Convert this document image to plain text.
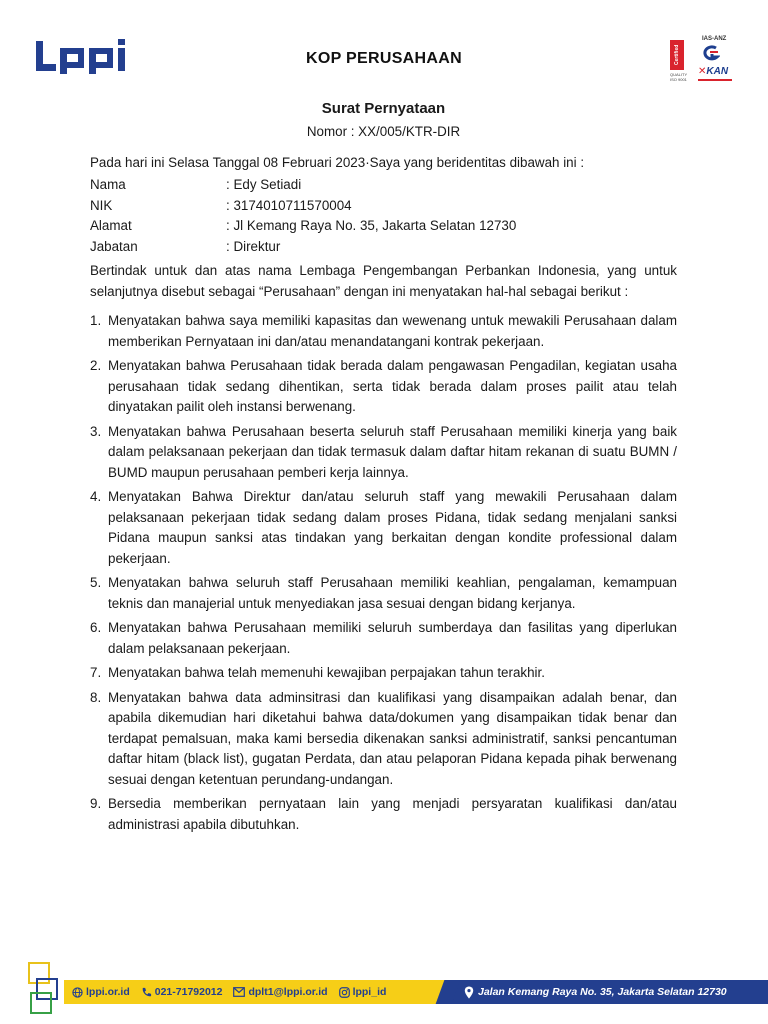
KOP PERUSAHAAN	Certified Quality
QUALITY ISO 9001
IAS-ANZ
✕KAN
Surat Pernyataan
Nomor : XX/005/KTR-DIR
Pada hari ini Selasa Tanggal 08 Februari 2023·Saya yang beridentitas dibawah ini :
Nama	: Edy Setiadi
NIK	: 3174010711570004
Alamat	: Jl Kemang Raya No. 35, Jakarta Selatan 12730
Jabatan	: Direktur
Bertindak untuk dan atas nama Lembaga Pengembangan Perbankan Indonesia, yang untuk selanjutnya disebut sebagai “Perusahaan” dengan ini menyatakan hal-hal sebagai berikut :
1. Menyatakan bahwa saya memiliki kapasitas dan wewenang untuk mewakili Perusahaan dalam memberikan Pernyataan ini dan/atau menandatangani kontrak pekerjaan.
2. Menyatakan bahwa Perusahaan tidak berada dalam pengawasan Pengadilan, kegiatan usaha perusahaan tidak sedang dihentikan, serta tidak berada dalam proses pailit atau telah dinyatakan pailit oleh instansi berwenang.
3. Menyatakan bahwa Perusahaan beserta seluruh staff Perusahaan memiliki kinerja yang baik dalam pelaksanaan pekerjaan dan tidak termasuk dalam daftar hitam rekanan di suatu BUMN / BUMD maupun perusahaan pemberi kerja lainnya.
4. Menyatakan Bahwa Direktur dan/atau seluruh staff yang mewakili Perusahaan dalam pelaksanaan pekerjaan tidak sedang dalam proses Pidana, tidak sedang menjalani sanksi Pidana maupun sanksi atas tindakan yang berkaitan dengan kondite professional dalam pekerjaan.
5. Menyatakan bahwa seluruh staff Perusahaan memiliki keahlian, pengalaman, kemampuan teknis dan manajerial untuk menyediakan jasa sesuai dengan bidang kerjanya.
6. Menyatakan bahwa Perusahaan memiliki seluruh sumberdaya dan fasilitas yang diperlukan dalam pelaksanaan pekerjaan.
7. Menyatakan bahwa telah memenuhi kewajiban perpajakan tahun terakhir.
8. Menyatakan bahwa data adminsitrasi dan kualifikasi yang disampaikan adalah benar, dan apabila dikemudian hari diketahui bahwa data/dokumen yang disampaikan tidak benar dan terdapat pemalsuan, maka kami bersedia dikenakan sanksi administratif, sanksi pencantuman daftar hitam (black list), gugatan Perdata, dan atau pelaporan Pidana kepada pihak berwenang sesuai dengan ketentuan perundang-undangan.
9. Bersedia memberikan pernyataan lain yang menjadi persyaratan kualifikasi dan/atau administrasi apabila dibutuhkan.
lppi.or.id 021-71792012 dplt1@lppi.or.id lppi_id	Jalan Kemang Raya No. 35, Jakarta Selatan 12730
